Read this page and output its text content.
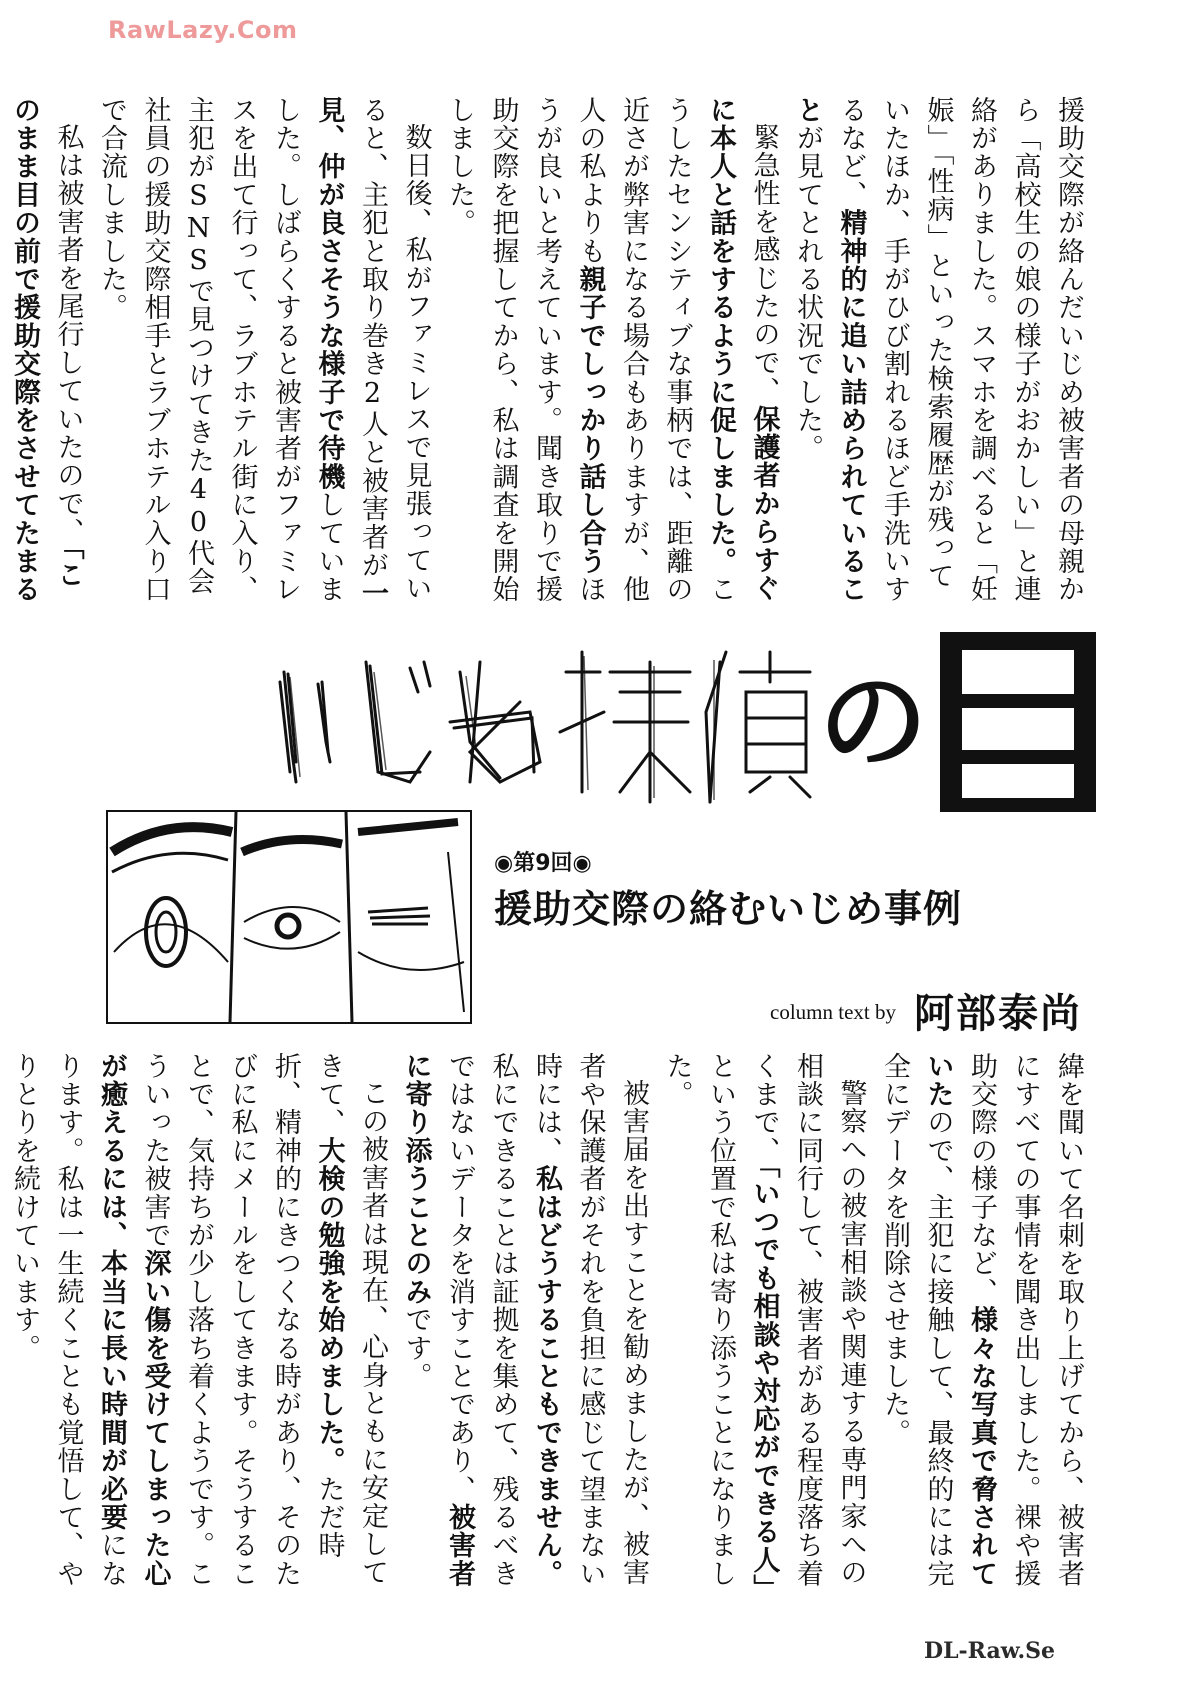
RawLazy.Com

援助交際が絡んだいじめ被害者の母親から「高校生の娘の様子がおかしい」と連絡がありました。スマホを調べると「妊娠」「性病」といった検索履歴が残っていたほか、手がひび割れるほど手洗いするなど、精神的に追い詰められていることが見てとれる状況でした。

緊急性を感じたので、保護者からすぐに本人と話をするように促しました。こうしたセンシティブな事柄では、距離の近さが弊害になる場合もありますが、他人の私よりも親子でしっかり話し合うほうが良いと考えています。聞き取りで援助交際を把握してから、私は調査を開始しました。

数日後、私がファミレスで見張っていると、主犯と取り巻き2人と被害者が一見、仲が良さそうな様子で待機していました。しばらくすると被害者がファミレスを出て行って、ラブホテル街に入り、主犯がSNSで見つけてきた40代会社員の援助交際相手とラブホテル入り口で合流しました。

私は被害者を尾行していたので、「このまま目の前で援助交際をさせてたまる

の
◉第9回◉
援助交際の絡むいじめ事例
column text by 阿部泰尚

緯を聞いて名刺を取り上げてから、被害者にすべての事情を聞き出しました。裸や援助交際の様子など、様々な写真で脅されていたので、主犯に接触して、最終的には完全にデータを削除させました。

警察への被害相談や関連する専門家への相談に同行して、被害者がある程度落ち着くまで、「いつでも相談や対応ができる人」という位置で私は寄り添うことになりました。

被害届を出すことを勧めましたが、被害者や保護者がそれを負担に感じて望まない時には、私はどうすることもできません。私にできることは証拠を集めて、残るべきではないデータを消すことであり、被害者に寄り添うことのみです。

この被害者は現在、心身ともに安定してきて、大検の勉強を始めました。ただ時折、精神的にきつくなる時があり、そのたびに私にメールをしてきます。そうすることで、気持ちが少し落ち着くようです。こういった被害で深い傷を受けてしまった心が癒えるには、本当に長い時間が必要になります。私は一生続くことも覚悟して、やりとりを続けています。

DL-Raw.Se
